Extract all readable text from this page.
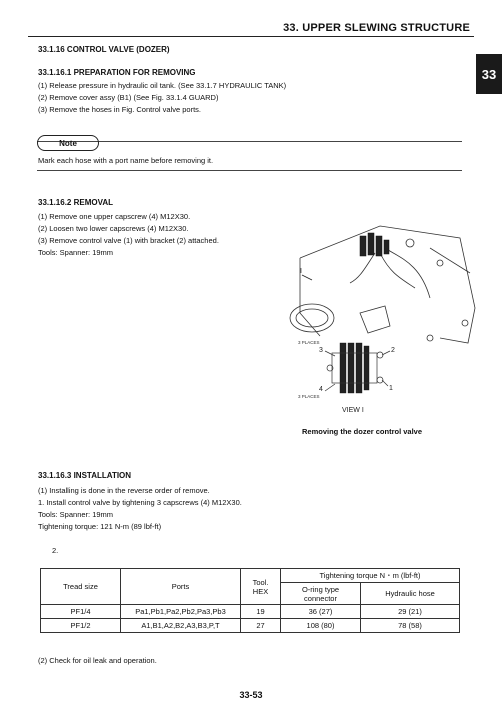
33. UPPER SLEWING STRUCTURE
33
33.1.16 CONTROL VALVE (DOZER)
33.1.16.1 PREPARATION FOR REMOVING
(1) Release pressure in hydraulic oil tank. (See 33.1.7 HYDRAULIC TANK)
(2) Remove cover assy (B1) (See Fig. 33.1.4 GUARD)
(3) Remove the hoses in Fig. Control valve ports.
Note
Mark each hose with a port name before removing it.
33.1.16.2 REMOVAL
(1) Remove one upper capscrew (4) M12X30.
(2) Loosen two lower capscrews (4) M12X30.
(3) Remove control valve (1) with bracket (2) attached.
Tools: Spanner: 19mm
I
3 PLACES
3 PLACES
3	2
4	1
VIEW I
Removing the dozer control valve
33.1.16.3 INSTALLATION
(1) Installing is done in the reverse order of remove.
1. Install control valve by tightening 3 capscrews (4) M12X30.
Tools: Spanner: 19mm
Tightening torque: 121 N-m (89 lbf-ft)
2.
Tread size	Ports	Tool.
HEX	Tightening torque N・m (lbf-ft)	
			O-ring type
connector	Hydraulic hose
PF1/4	Pa1,Pb1,Pa2,Pb2,Pa3,Pb3	19	36 (27)	29 (21)
PF1/2	A1,B1,A2,B2,A3,B3,P,T	27	108 (80)	78 (58)
(2) Check for oil leak and operation.
33-53
